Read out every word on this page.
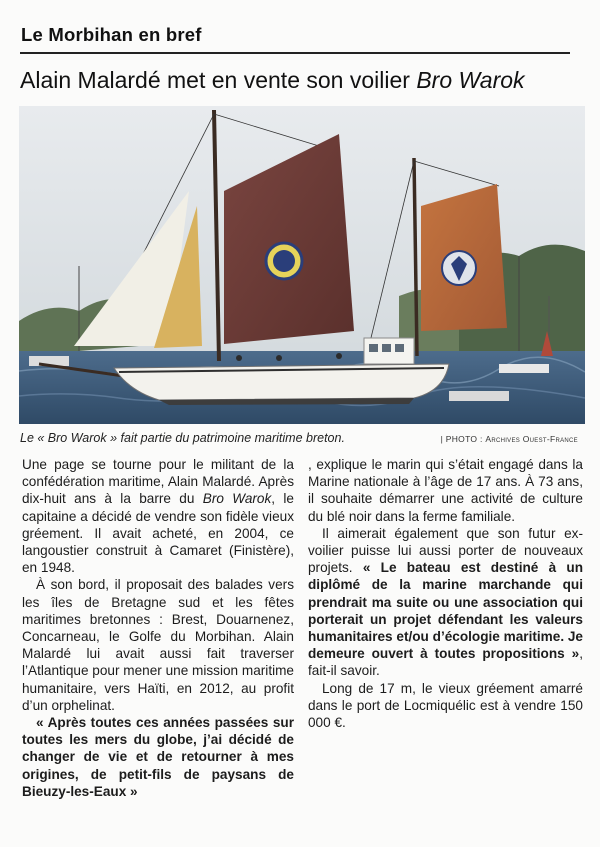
Le Morbihan en bref
Alain Malardé met en vente son voilier Bro Warok
Le « Bro Warok » fait partie du patrimoine maritime breton.	| PHOTO : Archives Ouest-France

Une page se tourne pour le militant de la confédération maritime, Alain Malardé. Après dix-huit ans à la barre du Bro Warok, le capitaine a décidé de vendre son fidèle vieux gréement. Il avait acheté, en 2004, ce langoustier construit à Camaret (Finistère), en 1948.

À son bord, il proposait des balades vers les îles de Bretagne sud et les fêtes maritimes bretonnes : Brest, Douarnenez, Concarneau, le Golfe du Morbihan. Alain Malardé lui avait aussi fait traverser l’Atlantique pour mener une mission maritime humanitaire, vers Haïti, en 2012, au profit d’un orphelinat.

« Après toutes ces années passées sur toutes les mers du globe, j’ai décidé de changer de vie et de retourner à mes origines, de petit-fils de paysans de Bieuzy-les-Eaux »

, explique le marin qui s’était engagé dans la Marine nationale à l’âge de 17 ans. À 73 ans, il souhaite démarrer une activité de culture du blé noir dans la ferme familiale.

Il aimerait également que son futur ex-voilier puisse lui aussi porter de nouveaux projets. « Le bateau est destiné à un diplômé de la marine marchande qui prendrait ma suite ou une association qui porterait un projet défendant les valeurs humanitaires et/ou d’écologie maritime. Je demeure ouvert à toutes propositions », fait-il savoir.

Long de 17 m, le vieux gréement amarré dans le port de Locmiquélic est à vendre 150 000 €.
